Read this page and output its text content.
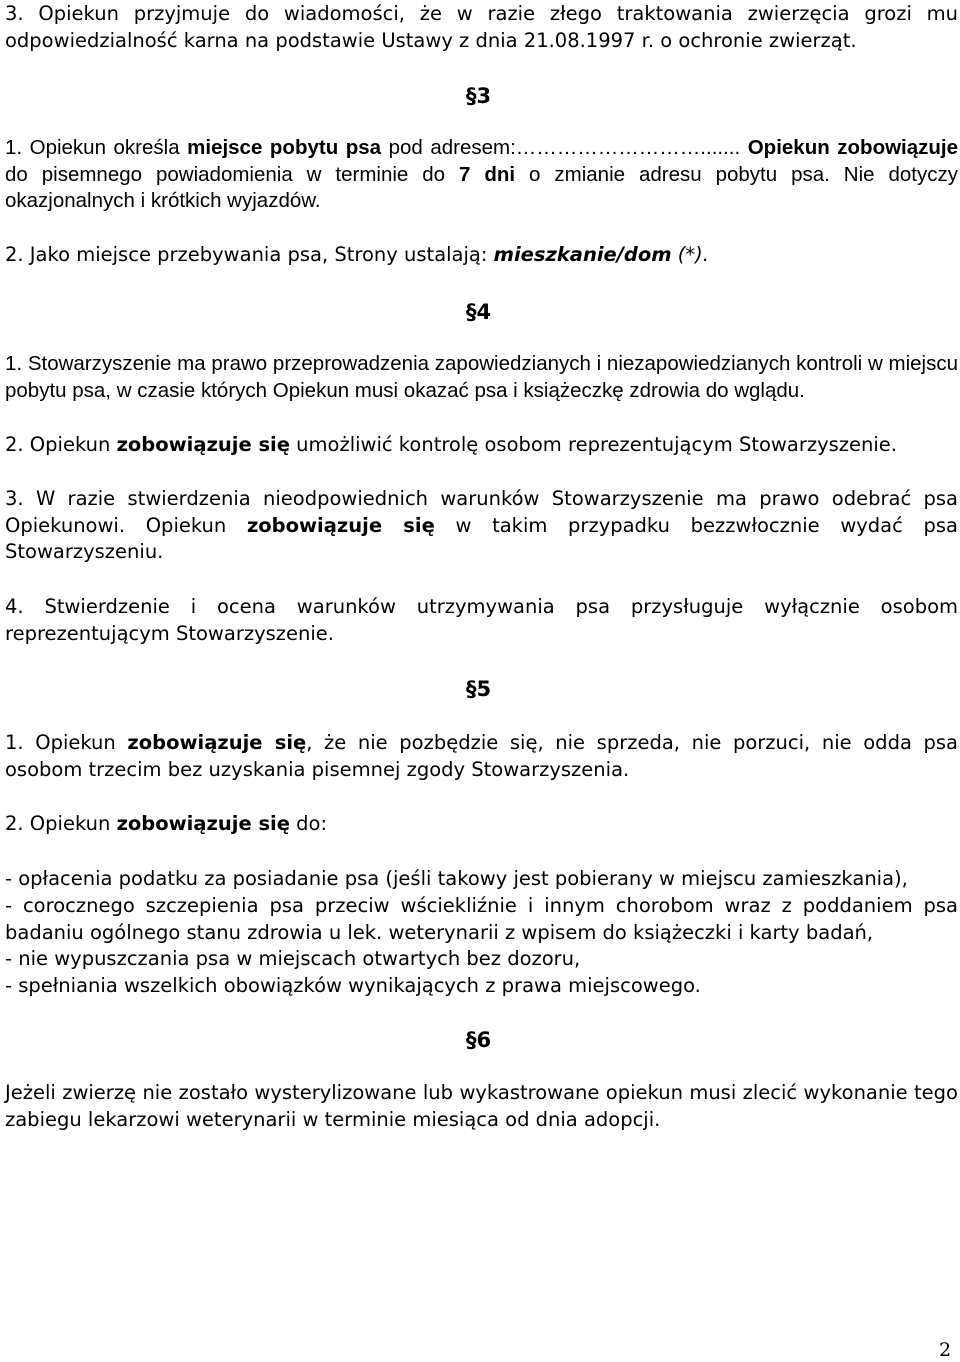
3. Opiekun przyjmuje do wiadomości, że w razie złego traktowania zwierzęcia grozi mu odpowiedzialność karna na podstawie Ustawy z dnia 21.08.1997 r. o ochronie zwierząt.

§3

1. Opiekun określa miejsce pobytu psa pod adresem:………………………....... Opiekun zobowiązuje do pisemnego powiadomienia w terminie do 7 dni o zmianie adresu pobytu psa. Nie dotyczy okazjonalnych i krótkich wyjazdów.

2. Jako miejsce przebywania psa, Strony ustalają: mieszkanie/dom (*).

§4

1. Stowarzyszenie ma prawo przeprowadzenia zapowiedzianych i niezapowiedzianych kontroli w miejscu pobytu psa, w czasie których Opiekun musi okazać psa i książeczkę zdrowia do wglądu.

2. Opiekun zobowiązuje się umożliwić kontrolę osobom reprezentującym Stowarzyszenie.

3. W razie stwierdzenia nieodpowiednich warunków Stowarzyszenie ma prawo odebrać psa Opiekunowi. Opiekun zobowiązuje się w takim przypadku bezzwłocznie wydać psa Stowarzyszeniu.

4. Stwierdzenie i ocena warunków utrzymywania psa przysługuje wyłącznie osobom reprezentującym Stowarzyszenie.

§5

1. Opiekun zobowiązuje się, że nie pozbędzie się, nie sprzeda, nie porzuci, nie odda psa osobom trzecim bez uzyskania pisemnej zgody Stowarzyszenia.

2. Opiekun zobowiązuje się do:

- opłacenia podatku za posiadanie psa (jeśli takowy jest pobierany w miejscu zamieszkania),

- corocznego szczepienia psa przeciw wściekliźnie i innym chorobom wraz z poddaniem psa badaniu ogólnego stanu zdrowia u lek. weterynarii z wpisem do książeczki i karty badań,

- nie wypuszczania psa w miejscach otwartych bez dozoru,

- spełniania wszelkich obowiązków wynikających z prawa miejscowego.

§6

Jeżeli zwierzę nie zostało wysterylizowane lub wykastrowane opiekun musi zlecić wykonanie tego zabiegu lekarzowi weterynarii w terminie miesiąca od dnia adopcji.

2
